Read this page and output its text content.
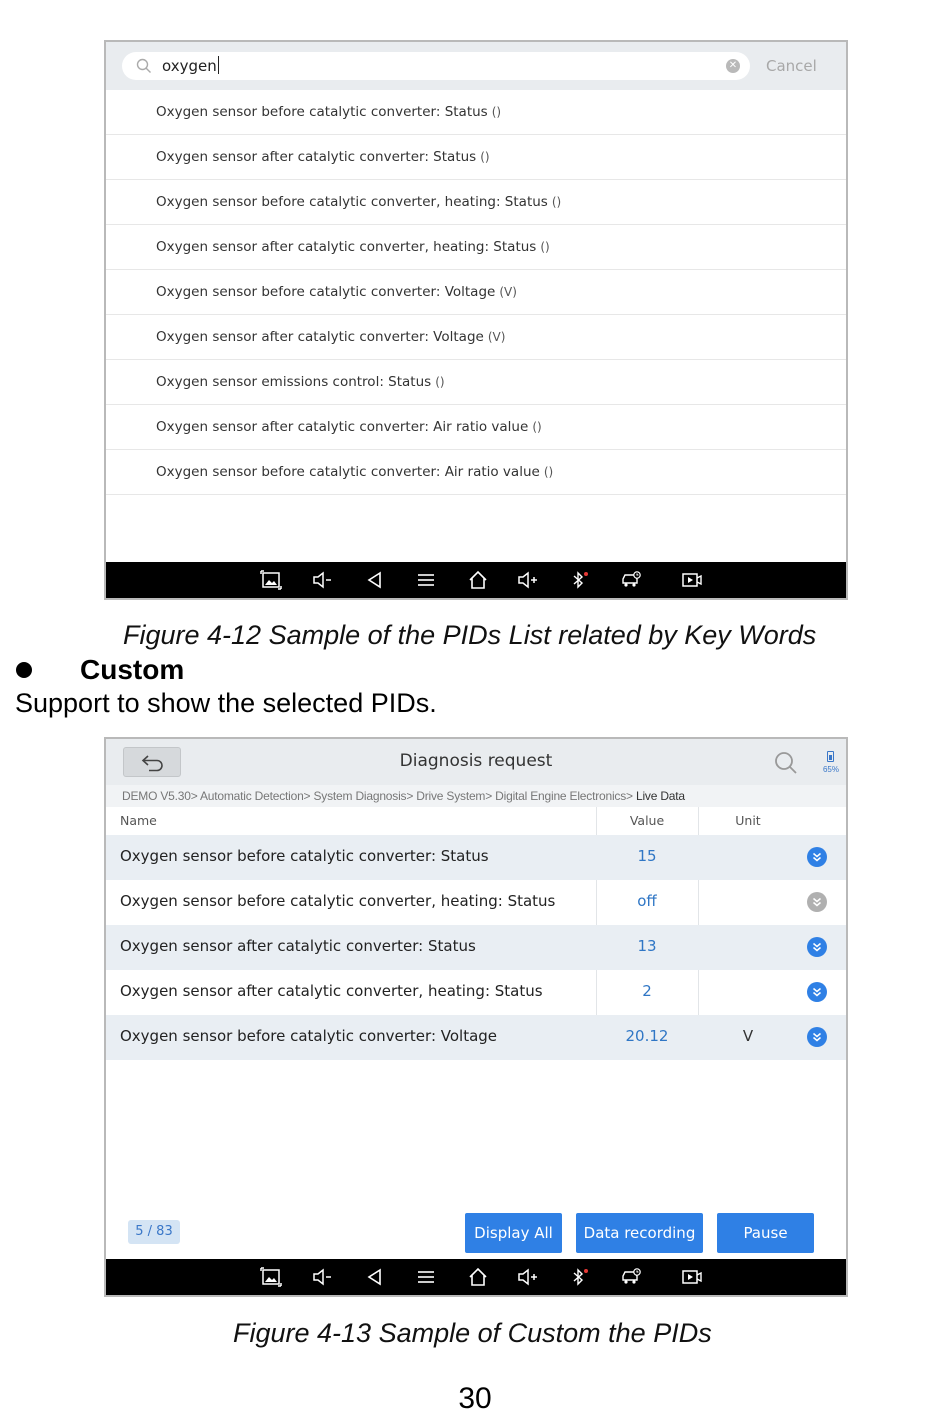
oxygen	✕ Cancel
Oxygen sensor before catalytic converter: Status ()
Oxygen sensor after catalytic converter: Status ()
Oxygen sensor before catalytic converter, heating: Status ()
Oxygen sensor after catalytic converter, heating: Status ()
Oxygen sensor before catalytic converter: Voltage (V)
Oxygen sensor after catalytic converter: Voltage (V)
Oxygen sensor emissions control: Status ()
Oxygen sensor after catalytic converter: Air ratio value ()
Oxygen sensor before catalytic converter: Air ratio value ()
Figure 4-12 Sample of the PIDs List related by Key Words
Custom
Support to show the selected PIDs.
Diagnosis request	65%
DEMO V5.30> Automatic Detection> System Diagnosis> Drive System> Digital Engine Electronics> Live Data
Name	Value	Unit
Oxygen sensor before catalytic converter: Status	15
Oxygen sensor before catalytic converter, heating: Status	off
Oxygen sensor after catalytic converter: Status	13
Oxygen sensor after catalytic converter, heating: Status	2
Oxygen sensor before catalytic converter: Voltage	20.12	V
5 / 83	Display All	Data recording	Pause
Figure 4-13 Sample of Custom the PIDs
30
